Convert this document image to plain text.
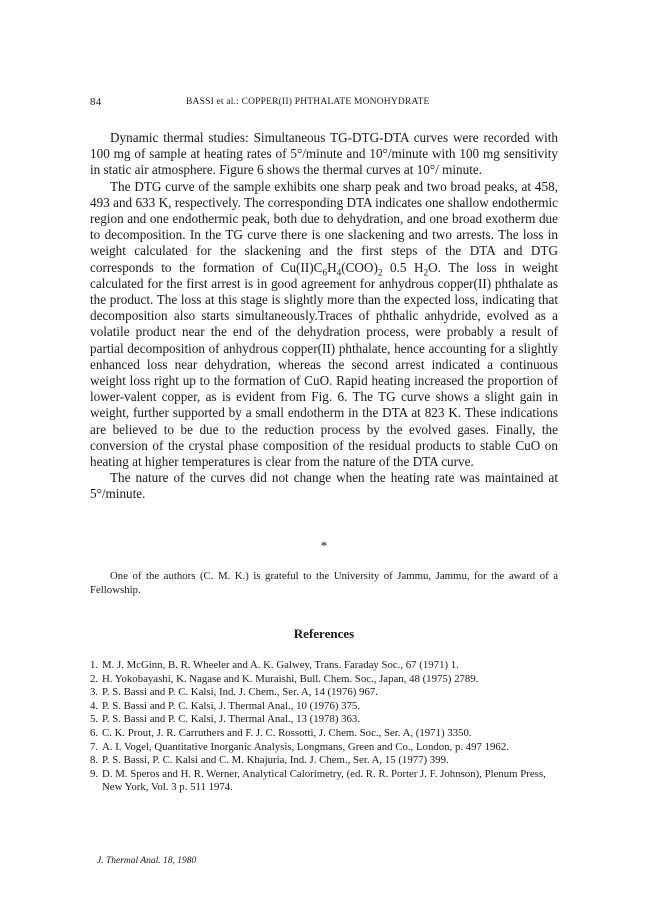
84	BASSI et al.: COPPER(II) PHTHALATE MONOHYDRATE

Dynamic thermal studies: Simultaneous TG-DTG-DTA curves were recorded with 100 mg of sample at heating rates of 5°/minute and 10°/minute with 100 mg sensitivity in static air atmosphere. Figure 6 shows the thermal curves at 10°/ minute.

The DTG curve of the sample exhibits one sharp peak and two broad peaks, at 458, 493 and 633 K, respectively. The corresponding DTA indicates one shallow endothermic region and one endothermic peak, both due to dehydration, and one broad exotherm due to decomposition. In the TG curve there is one slackening and two arrests. The loss in weight calculated for the slackening and the first steps of the DTA and DTG corresponds to the formation of $Cu(II)C_6H_4(COO)_2$ 0.5 $H_2O$. The loss in weight calculated for the first arrest is in good agreement for anhydrous copper(II) phthalate as the product. The loss at this stage is slightly more than the expected loss, indicating that decomposition also starts simultaneously.Traces of phthalic anhydride, evolved as a volatile product near the end of the dehydration process, were probably a result of partial decomposition of anhydrous copper(II) phthalate, hence accounting for a slightly enhanced loss near dehydration, whereas the second arrest indicated a continuous weight loss right up to the formation of CuO. Rapid heating increased the proportion of lower-valent copper, as is evident from Fig. 6. The TG curve shows a slight gain in weight, further supported by a small endotherm in the DTA at 823 K. These indications are believed to be due to the reduction process by the evolved gases. Finally, the conversion of the crystal phase composition of the residual products to stable CuO on heating at higher temperatures is clear from the nature of the DTA curve.

The nature of the curves did not change when the heating rate was maintained at 5°/minute.

*
One of the authors (C. M. K.) is grateful to the University of Jammu, Jammu, for the award of a Fellowship.
References
1. M. J. McGinn, B. R. Wheeler and A. K. Galwey, Trans. Faraday Soc., 67 (1971) 1.
2. H. Yokobayashi, K. Nagase and K. Muraishi, Bull. Chem. Soc., Japan, 48 (1975) 2789.
3. P. S. Bassi and P. C. Kalsi, Ind. J. Chem., Ser. A, 14 (1976) 967.
4. P. S. Bassi and P. C. Kalsi, J. Thermal Anal., 10 (1976) 375.
5. P. S. Bassi and P. C. Kalsi, J. Thermal Anal., 13 (1978) 363.
6. C. K. Prout, J. R. Carruthers and F. J. C. Rossotti, J. Chem. Soc., Ser. A, (1971) 3350.
7. A. I. Vogel, Quantitative Inorganic Analysis, Longmans, Green and Co., London, p. 497 1962.
8. P. S. Bassi, P. C. Kalsi and C. M. Khajuria, Ind. J. Chem., Ser. A, 15 (1977) 399.
9. D. M. Speros and H. R. Werner, Analytical Calorimetry, (ed. R. R. Porter J. F. Johnson), Plenum Press, New York, Vol. 3 p. 511 1974.
J. Thermal Anal. 18, 1980
